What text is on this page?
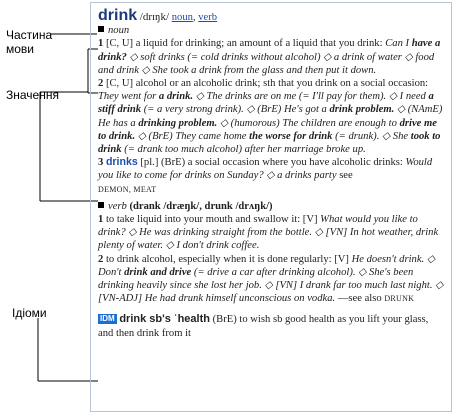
Частина
мови
Значення
Ідіоми

drink /drɪŋk/ noun, verb

noun

1 [C, U] a liquid for drinking; an amount of a liquid that you drink: Can I have a drink? ◇ soft drinks (= cold drinks without alcohol) ◇ a drink of water ◇ food and drink ◇ She took a drink from the glass and then put it down.

2 [C, U] alcohol or an alcoholic drink; sth that you drink on a social occasion: They went for a drink. ◇ The drinks are on me (= I'll pay for them). ◇ I need a stiff drink (= a very strong drink). ◇ (BrE) He's got a drink problem. ◇ (NAmE) He has a drinking problem. ◇ (humorous) The children are enough to drive me to drink. ◇ (BrE) They came home the worse for drink (= drunk). ◇ She took to drink (= drank too much alcohol) after her marriage broke up.

3 drinks [pl.] (BrE) a social occasion where you have alcoholic drinks: Would you like to come for drinks on Sunday? ◇ a drinks party see
DEMON, MEAT

verb (drank /dræŋk/, drunk /drʌŋk/)

1 to take liquid into your mouth and swallow it: [V] What would you like to drink? ◇ He was drinking straight from the bottle. ◇ [VN] In hot weather, drink plenty of water. ◇ I don't drink coffee.

2 to drink alcohol, especially when it is done regularly: [V] He doesn't drink. ◇ Don't drink and drive (= drive a car after drinking alcohol). ◇ She's been drinking heavily since she lost her job. ◇ [VN] I drank far too much last night. ◇ [VN-ADJ] He had drunk himself unconscious on vodka. —see also DRUNK

IDM drink sb's ˈhealth (BrE) to wish sb good health as you lift your glass, and then drink from it
